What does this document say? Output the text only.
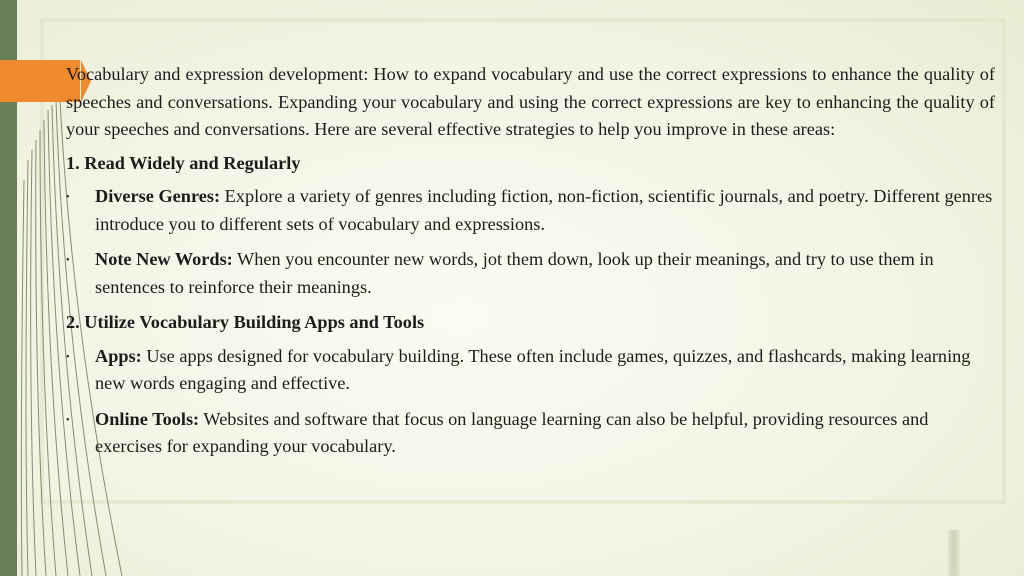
Vocabulary and expression development: How to expand vocabulary and use the correct expressions to enhance the quality of speeches and conversations. Expanding your vocabulary and using the correct expressions are key to enhancing the quality of your speeches and conversations. Here are several effective strategies to help you improve in these areas:

1. Read Widely and Regularly
• Diverse Genres: Explore a variety of genres including fiction, non-fiction, scientific journals, and poetry. Different genres introduce you to different sets of vocabulary and expressions.
• Note New Words: When you encounter new words, jot them down, look up their meanings, and try to use them in sentences to reinforce their meanings.
2. Utilize Vocabulary Building Apps and Tools
• Apps: Use apps designed for vocabulary building. These often include games, quizzes, and flashcards, making learning new words engaging and effective.
• Online Tools: Websites and software that focus on language learning can also be helpful, providing resources and exercises for expanding your vocabulary.
